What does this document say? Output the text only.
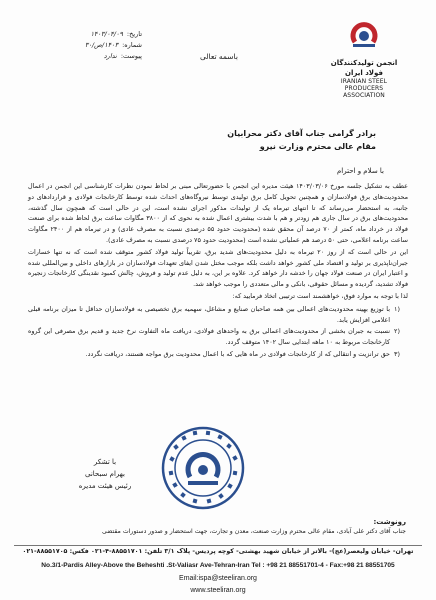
انجمن تولیدکنندگان فولاد ایران
IRANIAN STEEL
PRODUCERS ASSOCIATION
باسمه تعالی
تاریخ:
۱۴۰۳/۰۴/۰۹
شماره:
۱۴۰۳/ص/۳۰
پیوست:
ندارد
برادر گرامی جناب آقای دکتر محرابیان
مقام عالی محترم وزارت نیرو
با سلام و احترام

عطف به تشکیل جلسه مورخ ۱۴۰۳/۰۳/۰۶ هیئت مدیره این انجمن با حضورتعالی مبنی بر لحاظ نمودن نظرات کارشناسی این انجمن در اعمال محدودیت‌های برق فولادسازان و همچنین تحویل کامل برق تولیدی توسط نیروگاه‌های احداث شده توسط کارخانجات فولادی و قراردادهای دو جانبه، به استحضار می‌رساند که تا انتهای تیرماه یک از تولیدات مذکور اجرای نشده است، این در حالی است که همچون سال گذشته، محدودیت‌های برق در سال جاری هم زودتر و هم با شدت بیشتری اعمال شده به نحوی که از ۳۸۰۰ مگاوات ساعت برق لحاظ شده برای صنعت فولاد در خرداد ماه، کمتر از ۷۰ درصد آن محقق شده (محدودیت حدود ۵۵ درصدی نسبت به مصرف عادی) و در تیرماه هم از ۲۴۰۰ مگاوات ساعت برنامه اعلامی، حتی ۵۰ درصد هم عملیاتی نشده است (محدودیت حدود ۷۵ درصدی نسبت به مصرف عادی).

این در حالی است که از روز ۲۰ تیرماه به دلیل محدودیت‌های شدید برق، تقریباً تولید فولاد کشور متوقف شده است که نه تنها خسارات جبران‌ناپذیری بر تولید و اقتصاد ملی کشور خواهد داشت بلکه موجب مختل شدن ایفای تعهدات فولادسازان در بازارهای داخلی و بین‌المللی شده و اعتبار ایران در صنعت فولاد جهان را خدشه دار خواهد کرد. علاوه بر این، به دلیل عدم تولید و فروش، چالش کمبود نقدینگی کارخانجات زنجیره فولاد تشدید، گردیده و مسائل حقوقی، بانکی و مالی متعددی را موجب خواهد شد.

لذا با توجه به موارد فوق، خواهشمند است ترتیبی اتخاذ فرمایید که:

(۱
با توزیع بهینه محدودیت‌های اعمالی بین همه صاحبان صنایع و مشاغل، سهمیه برق تخصیصی به فولادسازان حداقل تا میزان برنامه قبلی اعلامی افزایش یابد.
(۲
نسبت به جبران بخشی از محدودیت‌های اعمالی برق به واحدهای فولادی، دریافت ماه التفاوت نرخ جدید و قدیم برق مصرفی این گروه کارخانجات مربوط به ۱۰ ماهه ابتدایی سال ۱۴۰۲ متوقف گردد.
(۳
حق ترانزیت و انتقالی که از کارخانجات فولادی در ماه هایی که با اعمال محدودیت برق مواجه هستند، دریافت نگردد.
با تشکر
بهرام سبحانی
رئیس هیئت مدیره
رونوشت:
جناب آقای دکتر علی آبادی، مقام عالی محترم وزارت صنعت، معدن و تجارت، جهت استحضار و صدور دستورات مقتضی
تهران- خیابان ولیعصر(عج)- بالاتر از خیابان شهید بهشتی- کوچه پردیس- پلاک ۳/۱ تلفن: ۸۸۵۵۱۷۰۱-۴-۰۲۱ فکس: ۸۸۵۵۱۷۰۵-۰۲۱
No.3/1-Pardis Alley-Above the Beheshti .St-Valiasr Ave-Tehran-Iran Tel : +98 21 88551701-4 - Fax:+98 21 88551705
Email:ispa@steeliran.org
www.steeliran.org
